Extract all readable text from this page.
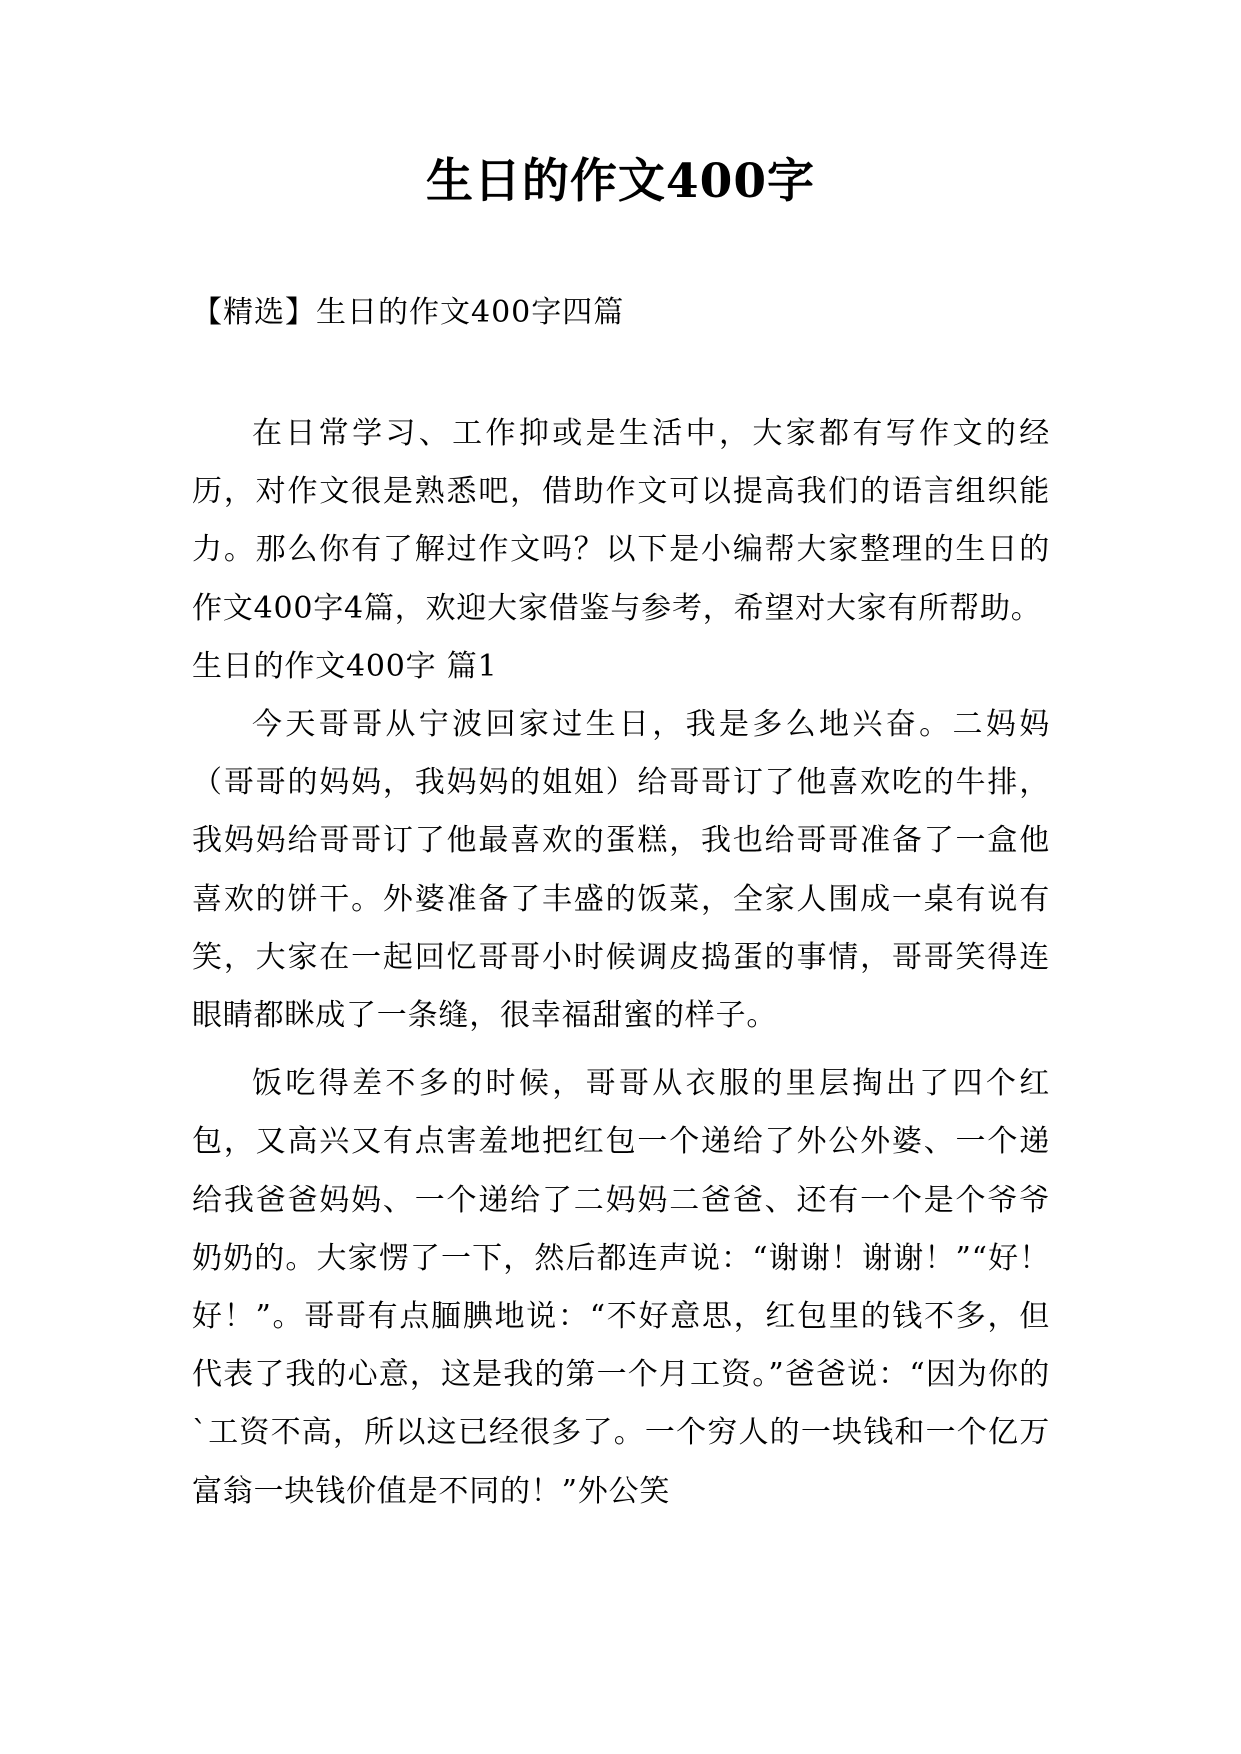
生日的作文400字
【精选】生日的作文400字四篇

在日常学习、工作抑或是生活中，大家都有写作文的经历，对作文很是熟悉吧，借助作文可以提高我们的语言组织能力。那么你有了解过作文吗？以下是小编帮大家整理的生日的作文400字4篇，欢迎大家借鉴与参考，希望对大家有所帮助。

生日的作文400字 篇1

今天哥哥从宁波回家过生日，我是多么地兴奋。二妈妈（哥哥的妈妈，我妈妈的姐姐）给哥哥订了他喜欢吃的牛排，我妈妈给哥哥订了他最喜欢的蛋糕，我也给哥哥准备了一盒他喜欢的饼干。外婆准备了丰盛的饭菜，全家人围成一桌有说有笑，大家在一起回忆哥哥小时候调皮捣蛋的事情，哥哥笑得连眼睛都眯成了一条缝，很幸福甜蜜的样子。

饭吃得差不多的时候，哥哥从衣服的里层掏出了四个红包，又高兴又有点害羞地把红包一个递给了外公外婆、一个递给我爸爸妈妈、一个递给了二妈妈二爸爸、还有一个是个爷爷奶奶的。大家愣了一下，然后都连声说：“谢谢！谢谢！”“好！好！”。哥哥有点腼腆地说：“不好意思，红包里的钱不多，但代表了我的心意，这是我的第一个月工资。”爸爸说：“因为你的`工资不高，所以这已经很多了。一个穷人的一块钱和一个亿万富翁一块钱价值是不同的！”外公笑
